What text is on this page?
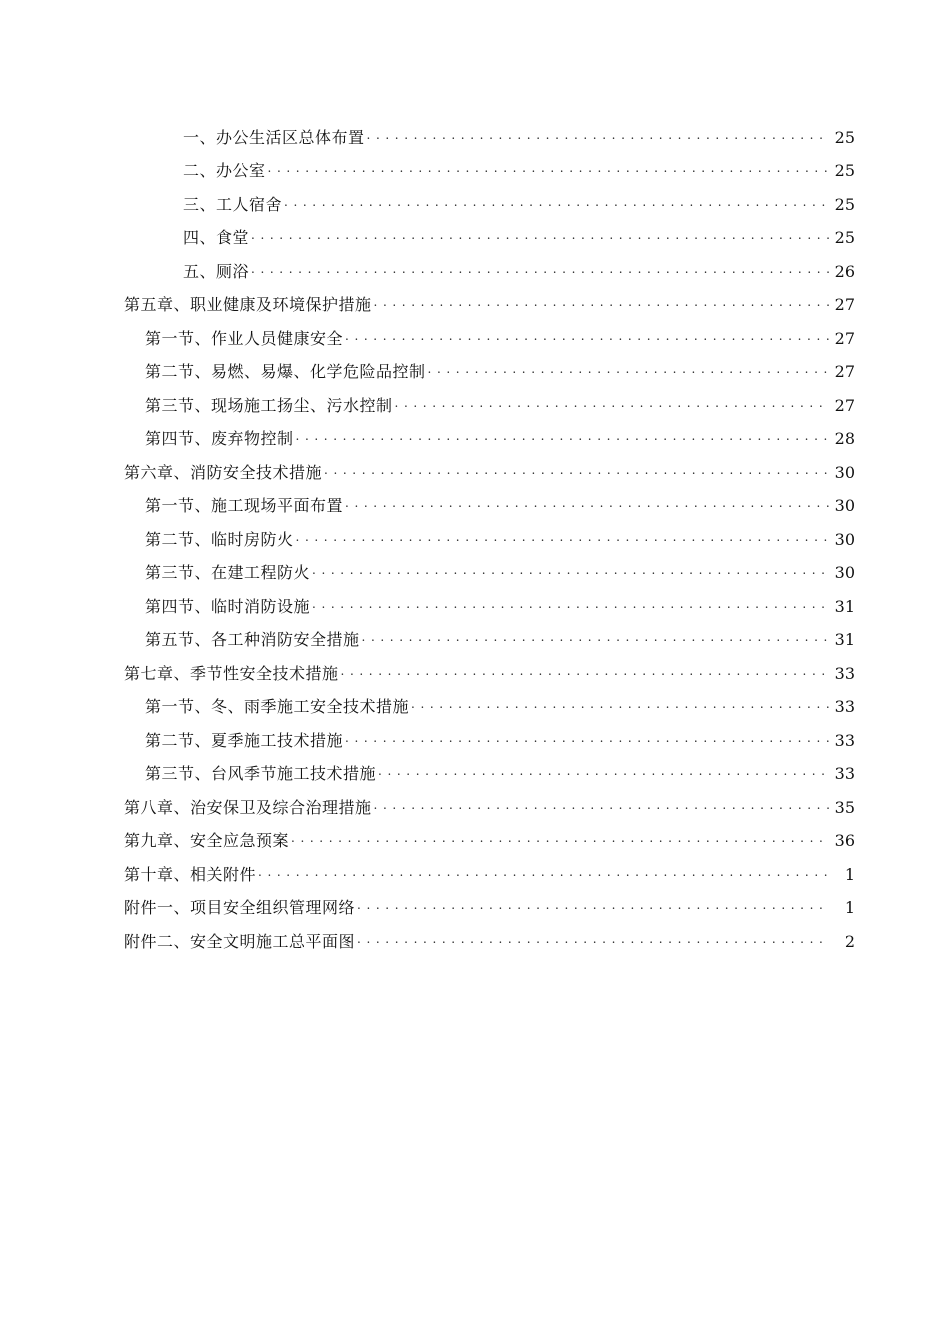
一、办公生活区总体布置 . . .	25
二、办公室 . . .	25
三、工人宿舍 . . .	25
四、食堂 . . .	25
五、厕浴 . . .	26
第五章、职业健康及环境保护措施 . . .	27
第一节、作业人员健康安全 . . .	27
第二节、易燃、易爆、化学危险品控制 . . .	27
第三节、现场施工扬尘、污水控制 . . .	27
第四节、废弃物控制 . . .	28
第六章、消防安全技术措施 . . .	30
第一节、施工现场平面布置 . . .	30
第二节、临时房防火 . . .	30
第三节、在建工程防火 . . .	30
第四节、临时消防设施 . . .	31
第五节、各工种消防安全措施 . . .	31
第七章、季节性安全技术措施 . . .	33
第一节、冬、雨季施工安全技术措施 . . .	33
第二节、夏季施工技术措施 . . .	33
第三节、台风季节施工技术措施 . . .	33
第八章、治安保卫及综合治理措施 . . .	35
第九章、安全应急预案 . . .	36
第十章、相关附件 . . .	1
附件一、项目安全组织管理网络 . . .	1
附件二、安全文明施工总平面图 . . .	2
